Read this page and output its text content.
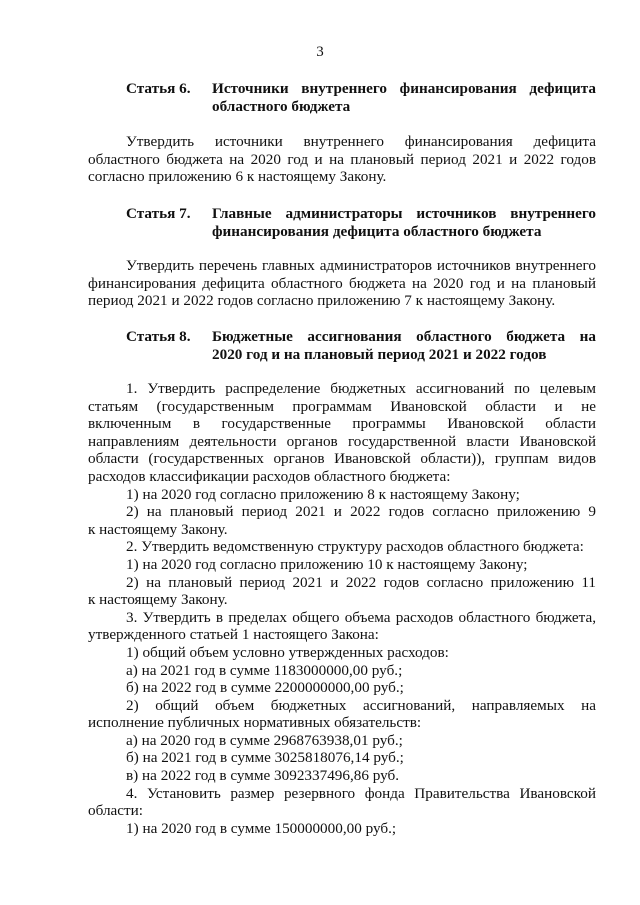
3
Статья 6.	Источники внутреннего финансирования дефицита
областного бюджета

Утвердить источники внутреннего финансирования дефицита
областного бюджета на 2020 год и на плановый период 2021 и 2022 годов
согласно приложению 6 к настоящему Закону.

Статья 7.	Главные администраторы источников внутреннего
финансирования дефицита областного бюджета

Утвердить перечень главных администраторов источников внутреннего
финансирования дефицита областного бюджета на 2020 год и на плановый
период 2021 и 2022 годов согласно приложению 7 к настоящему Закону.

Статья 8.	Бюджетные ассигнования областного бюджета на
2020 год и на плановый период 2021 и 2022 годов
1. Утвердить распределение бюджетных ассигнований по целевым
статьям (государственным программам Ивановской области и не
включенным в государственные программы Ивановской области
направлениям деятельности органов государственной власти Ивановской
области (государственных органов Ивановской области)), группам видов
расходов классификации расходов областного бюджета:
1) на 2020 год согласно приложению 8 к настоящему Закону;
2) на плановый период 2021 и 2022 годов согласно приложению 9
к настоящему Закону.
2. Утвердить ведомственную структуру расходов областного бюджета:
1) на 2020 год согласно приложению 10 к настоящему Закону;
2) на плановый период 2021 и 2022 годов согласно приложению 11
к настоящему Закону.
3. Утвердить в пределах общего объема расходов областного бюджета,
утвержденного статьей 1 настоящего Закона:
1) общий объем условно утвержденных расходов:
а) на 2021 год в сумме 1183000000,00 руб.;
б) на 2022 год в сумме 2200000000,00 руб.;
2) общий объем бюджетных ассигнований, направляемых на
исполнение публичных нормативных обязательств:
а) на 2020 год в сумме 2968763938,01 руб.;
б) на 2021 год в сумме 3025818076,14 руб.;
в) на 2022 год в сумме 3092337496,86 руб.
4. Установить размер резервного фонда Правительства Ивановской
области:
1) на 2020 год в сумме 150000000,00 руб.;
